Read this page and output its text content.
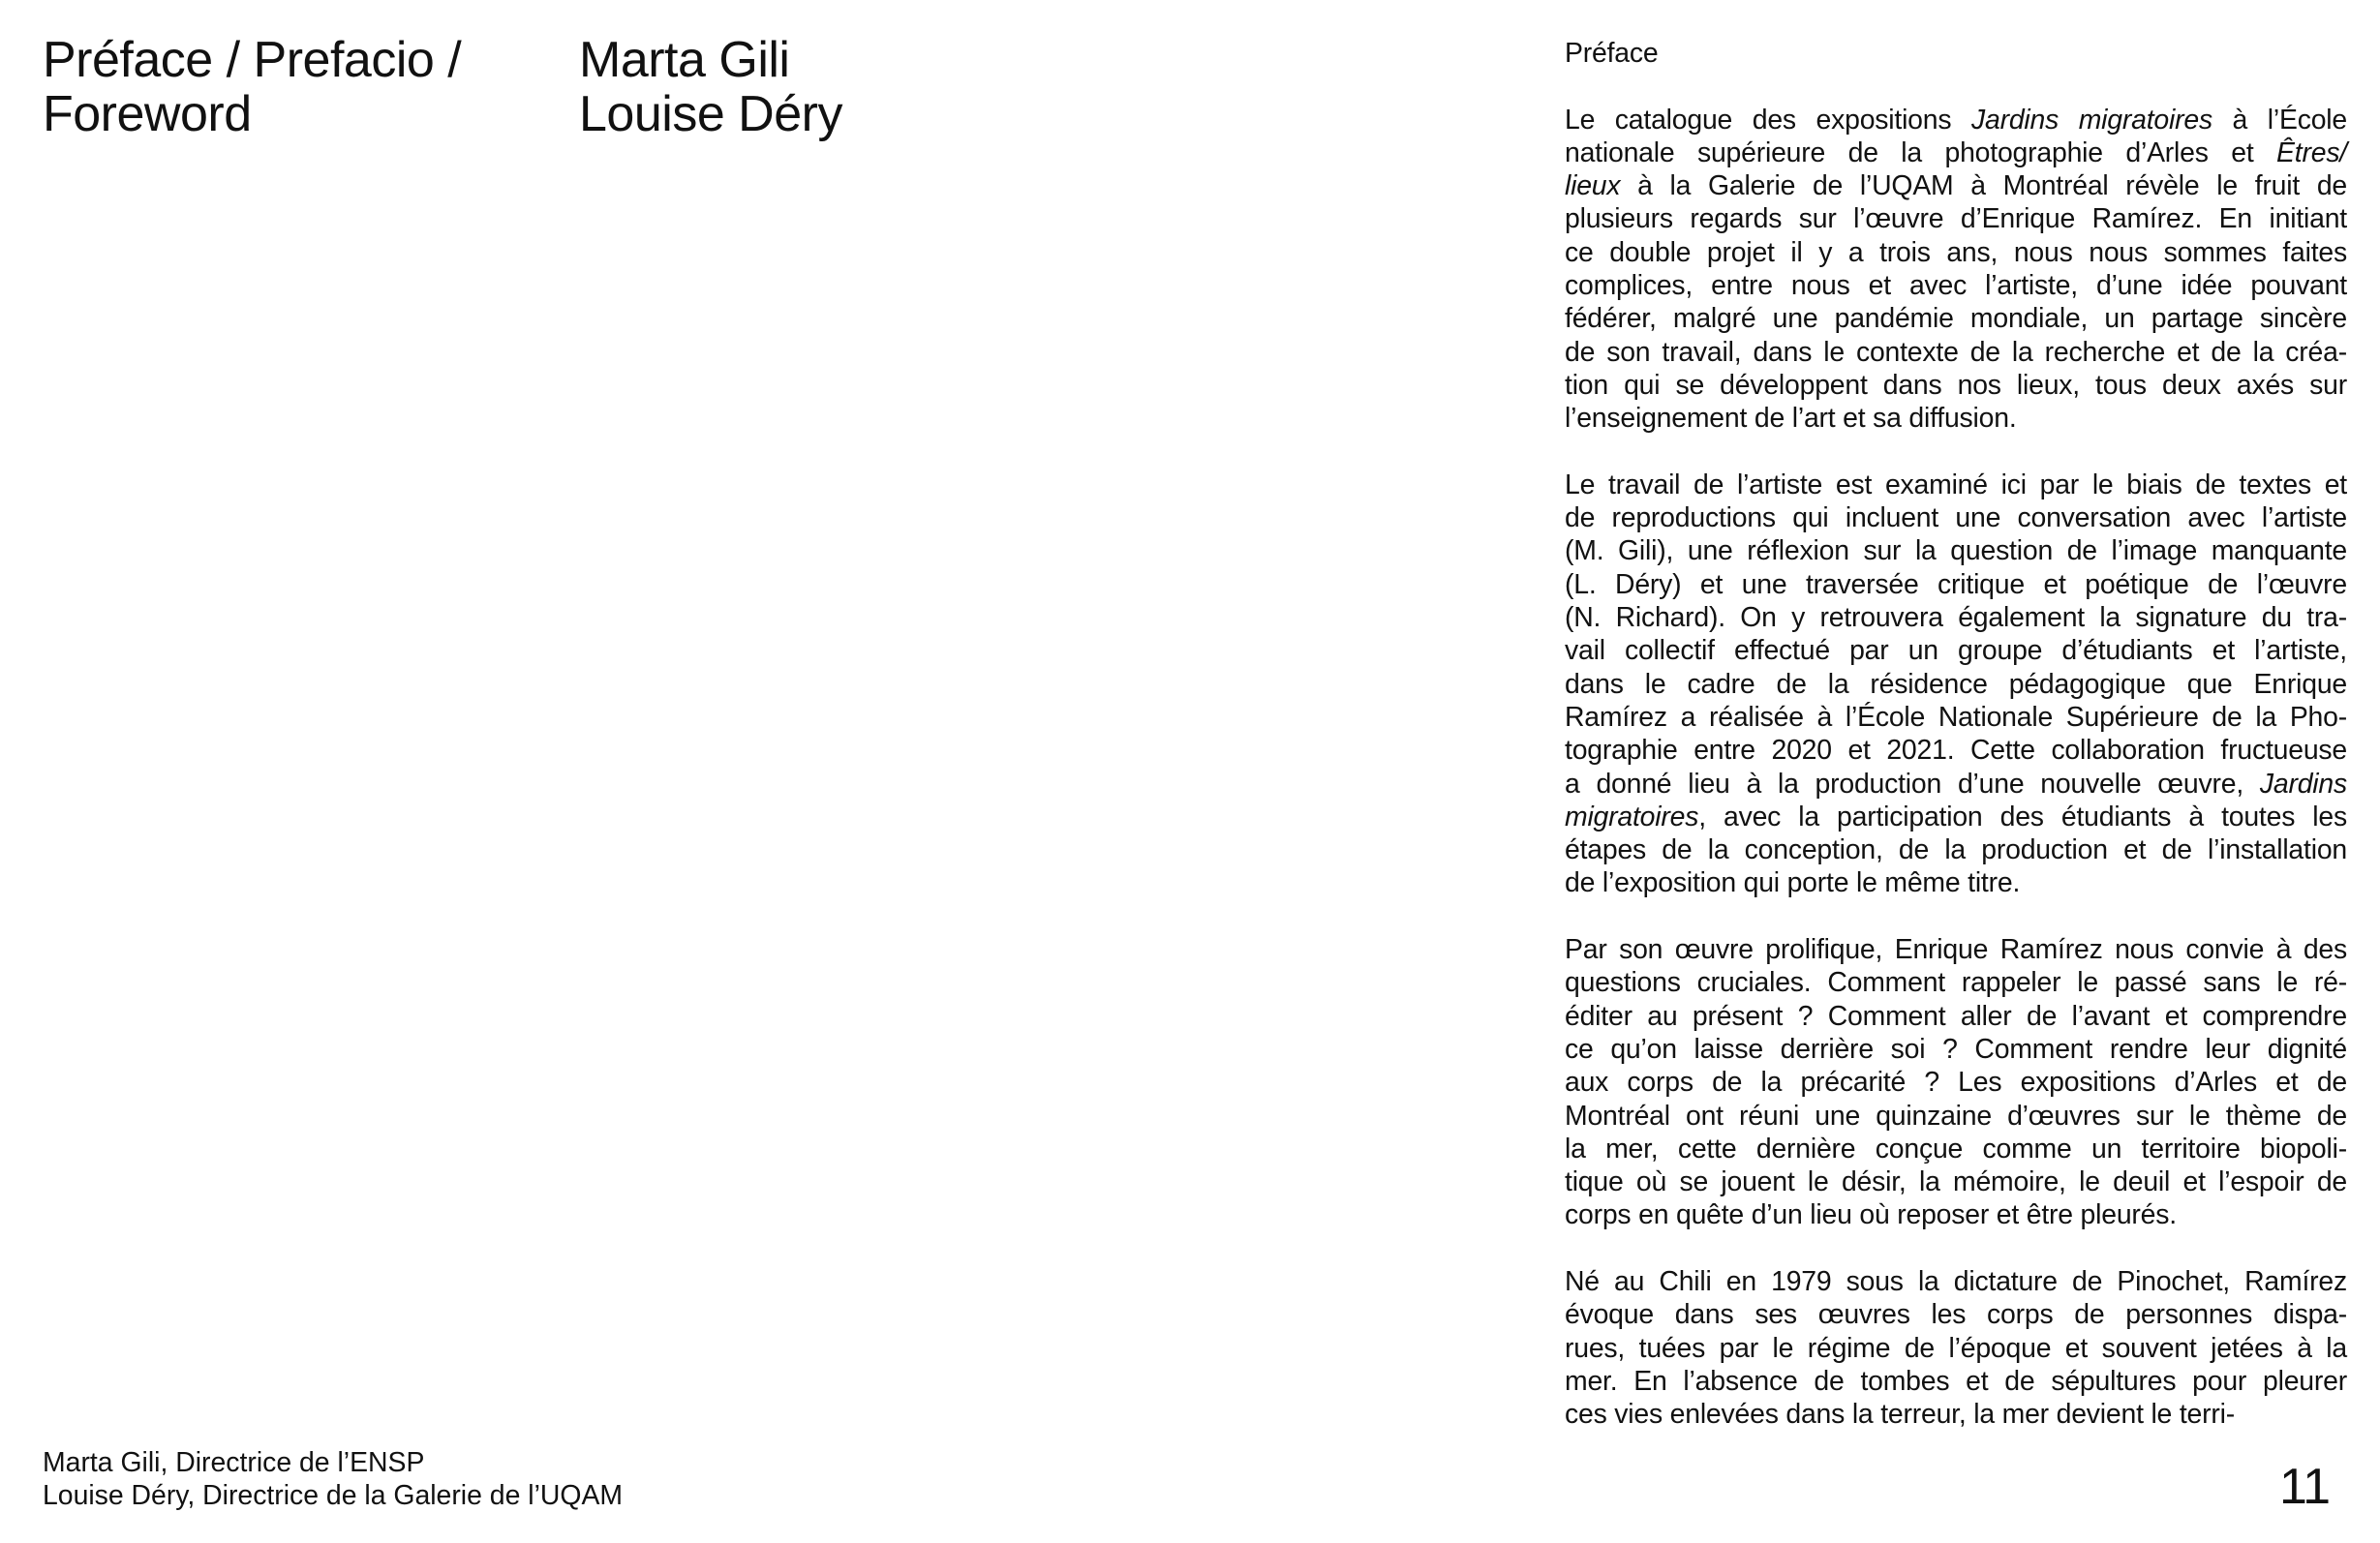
Préface / Prefacio /
Foreword
Marta Gili
Louise Déry
Préface
Le catalogue des expositions Jardins migratoires à l’École
nationale supérieure de la photographie d’Arles et Êtres/
lieux à la Galerie de l’UQAM à Montréal révèle le fruit de
plusieurs regards sur l’œuvre d’Enrique Ramírez. En initiant
ce double projet il y a trois ans, nous nous sommes faites
complices, entre nous et avec l’artiste, d’une idée pouvant
fédérer, malgré une pandémie mondiale, un partage sincère
de son travail, dans le contexte de la recherche et de la créa-
tion qui se développent dans nos lieux, tous deux axés sur
l’enseignement de l’art et sa diffusion.
Le travail de l’artiste est examiné ici par le biais de textes et
de reproductions qui incluent une conversation avec l’artiste
(M. Gili), une réflexion sur la question de l’image manquante
(L. Déry) et une traversée critique et poétique de l’œuvre
(N. Richard). On y retrouvera également la signature du tra-
vail collectif effectué par un groupe d’étudiants et l’artiste,
dans le cadre de la résidence pédagogique que Enrique
Ramírez a réalisée à l’École Nationale Supérieure de la Pho-
tographie entre 2020 et 2021. Cette collaboration fructueuse
a donné lieu à la production d’une nouvelle œuvre, Jardins
migratoires, avec la participation des étudiants à toutes les
étapes de la conception, de la production et de l’installation
de l’exposition qui porte le même titre.
Par son œuvre prolifique, Enrique Ramírez nous convie à des
questions cruciales. Comment rappeler le passé sans le ré-
éditer au présent ? Comment aller de l’avant et comprendre
ce qu’on laisse derrière soi ? Comment rendre leur dignité
aux corps de la précarité ? Les expositions d’Arles et de
Montréal ont réuni une quinzaine d’œuvres sur le thème de
la mer, cette dernière conçue comme un territoire biopoli-
tique où se jouent le désir, la mémoire, le deuil et l’espoir de
corps en quête d’un lieu où reposer et être pleurés.
Né au Chili en 1979 sous la dictature de Pinochet, Ramírez
évoque dans ses œuvres les corps de personnes dispa-
rues, tuées par le régime de l’époque et souvent jetées à la
mer. En l’absence de tombes et de sépultures pour pleurer
ces vies enlevées dans la terreur, la mer devient le terri-
Marta Gili, Directrice de l’ENSP
Louise Déry, Directrice de la Galerie de l’UQAM	11
